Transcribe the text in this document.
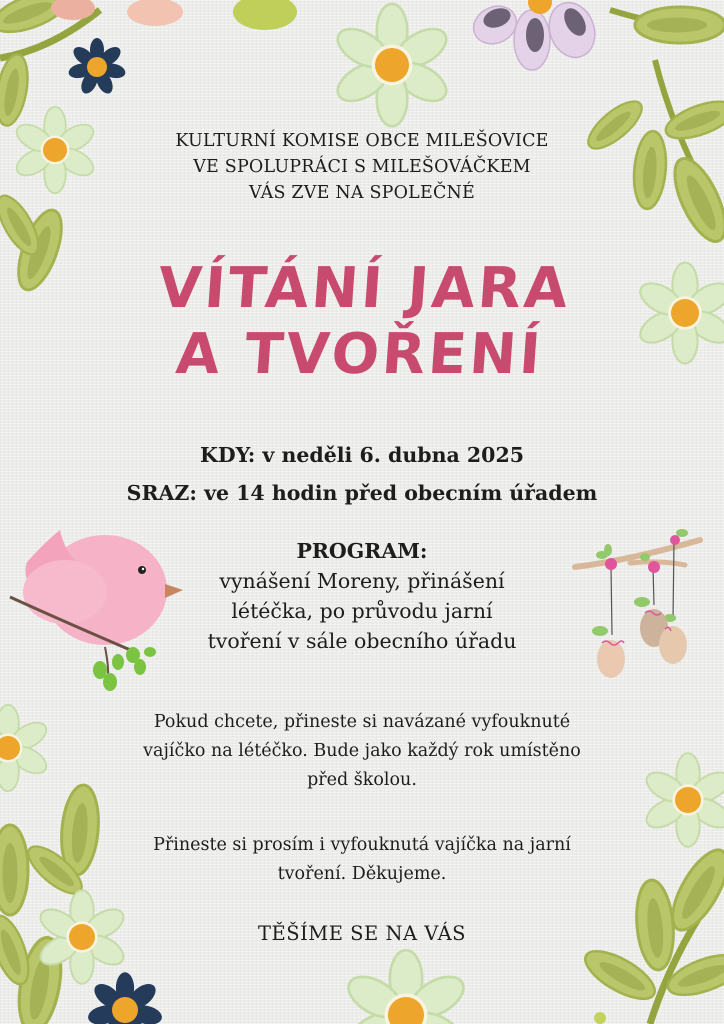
KULTURNÍ KOMISE OBCE MILEŠOVICE
VE SPOLUPRÁCI S MILEŠOVÁČKEM
VÁS ZVE NA SPOLEČNÉ
VÍTÁNÍ JARA
A TVOŘENÍ
KDY: v neděli 6. dubna 2025
SRAZ: ve 14 hodin před obecním úřadem
PROGRAM:
vynášení Moreny, přinášení
létéčka, po průvodu jarní
tvoření v sále obecního úřadu
Pokud chcete, přineste si navázané vyfouknuté
vajíčko na létéčko. Bude jako každý rok umístěno
před školou.
Přineste si prosím i vyfouknutá vajíčka na jarní
tvoření. Děkujeme.
TĚŠÍME SE NA VÁS
